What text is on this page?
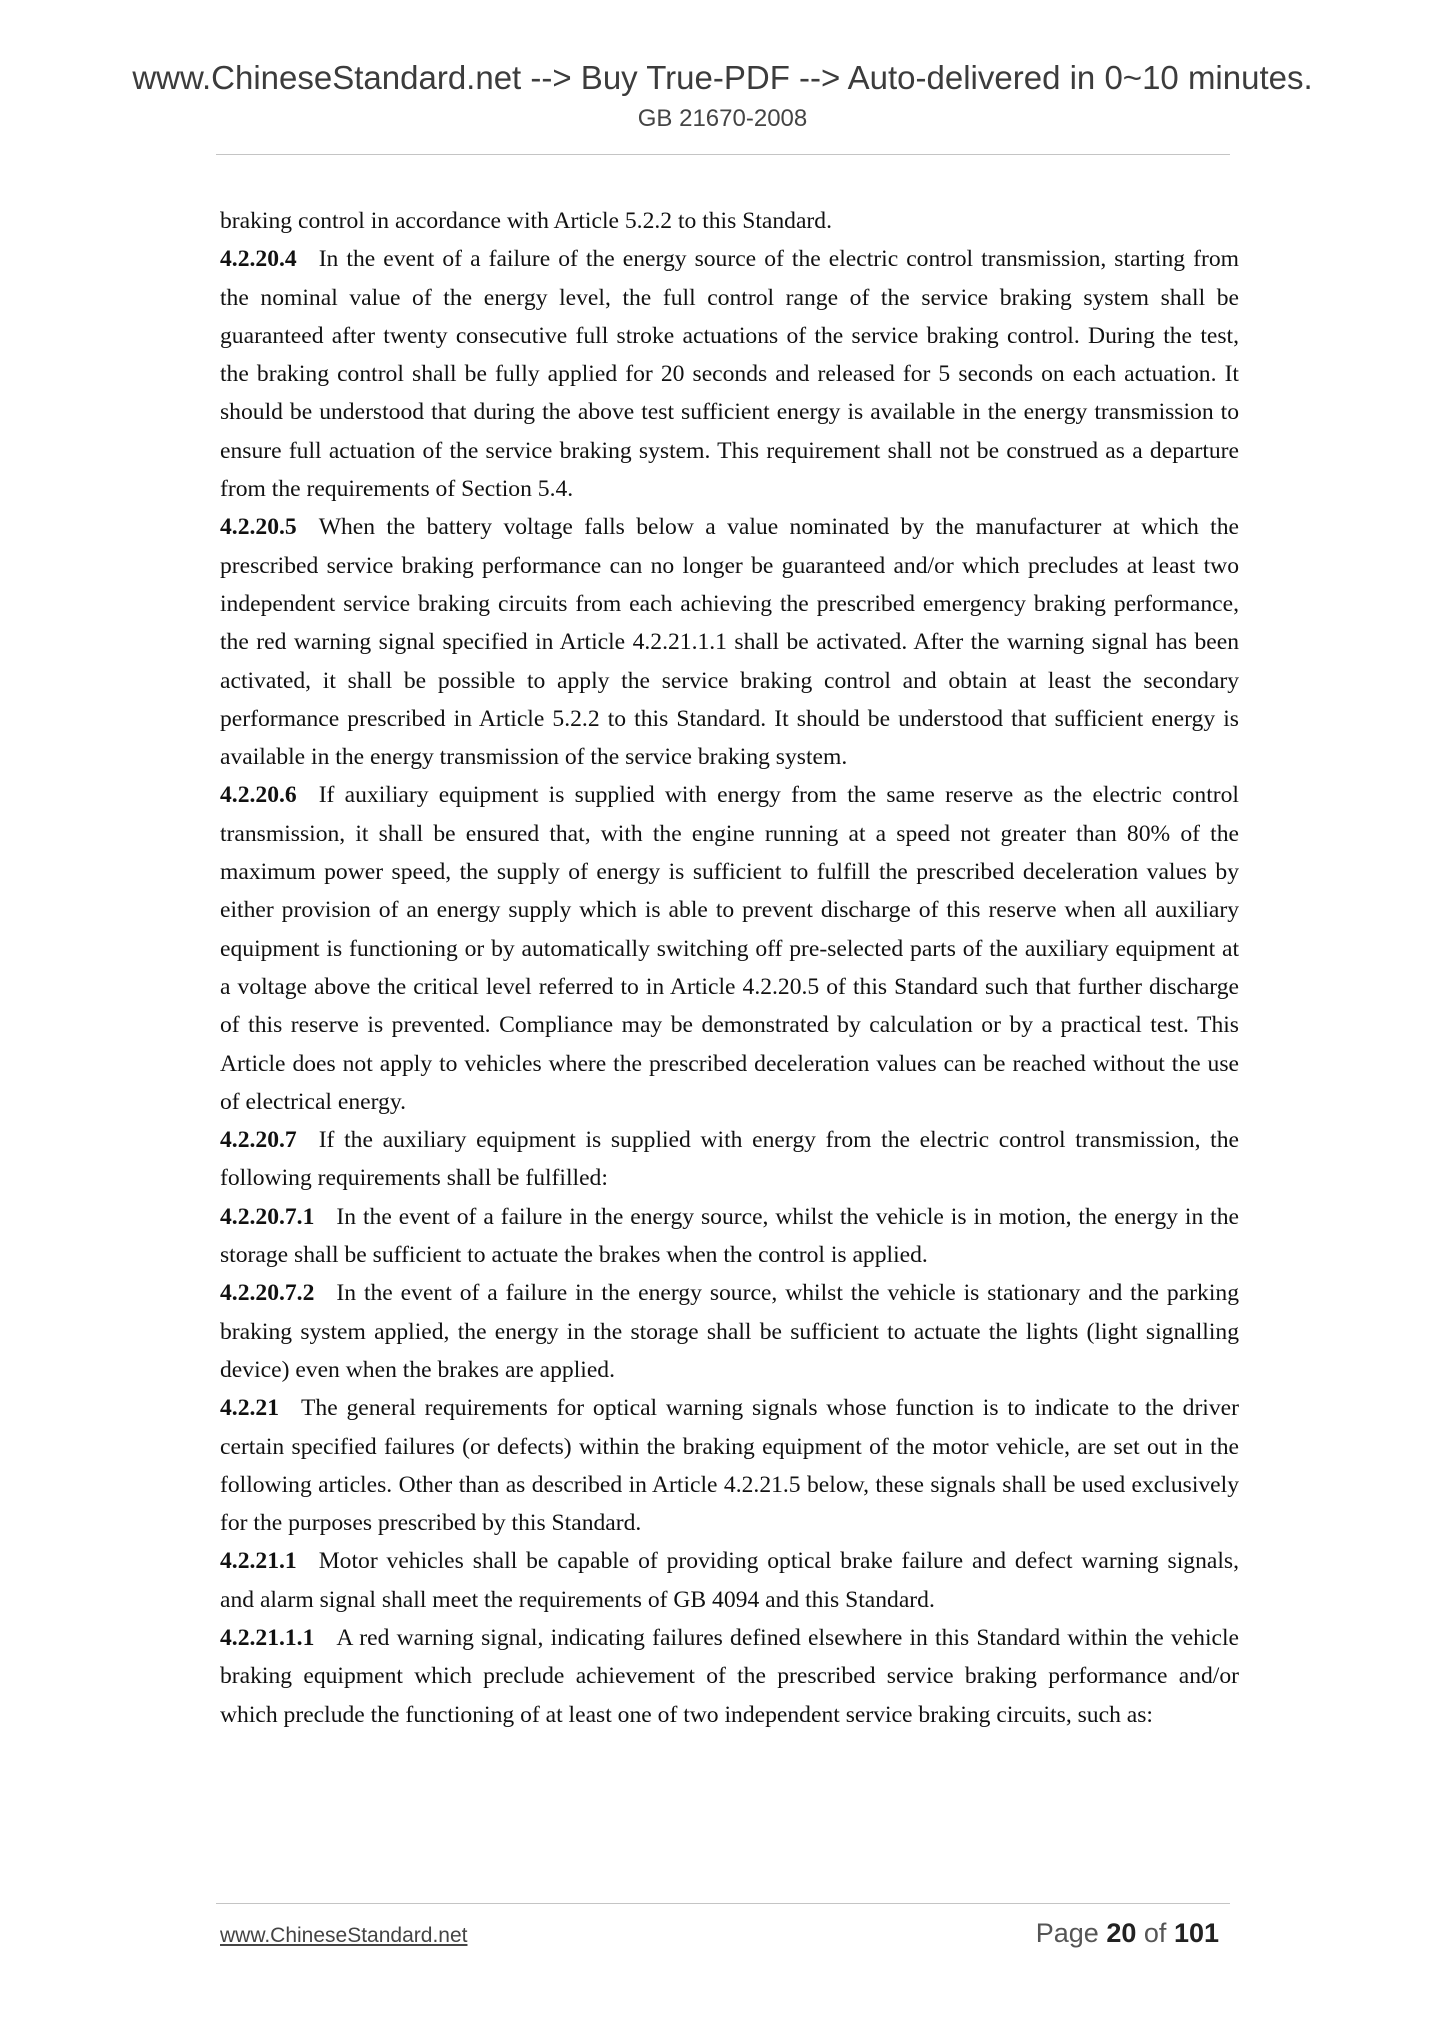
www.ChineseStandard.net --> Buy True-PDF --> Auto-delivered in 0~10 minutes.
GB 21670-2008

braking control in accordance with Article 5.2.2 to this Standard.

4.2.20.4 In the event of a failure of the energy source of the electric control transmission, starting from the nominal value of the energy level, the full control range of the service braking system shall be guaranteed after twenty consecutive full stroke actuations of the service braking control. During the test, the braking control shall be fully applied for 20 seconds and released for 5 seconds on each actuation. It should be understood that during the above test sufficient energy is available in the energy transmission to ensure full actuation of the service braking system. This requirement shall not be construed as a departure from the requirements of Section 5.4.

4.2.20.5 When the battery voltage falls below a value nominated by the manufacturer at which the prescribed service braking performance can no longer be guaranteed and/or which precludes at least two independent service braking circuits from each achieving the prescribed emergency braking performance, the red warning signal specified in Article 4.2.21.1.1 shall be activated. After the warning signal has been activated, it shall be possible to apply the service braking control and obtain at least the secondary performance prescribed in Article 5.2.2 to this Standard. It should be understood that sufficient energy is available in the energy transmission of the service braking system.

4.2.20.6 If auxiliary equipment is supplied with energy from the same reserve as the electric control transmission, it shall be ensured that, with the engine running at a speed not greater than 80% of the maximum power speed, the supply of energy is sufficient to fulfill the prescribed deceleration values by either provision of an energy supply which is able to prevent discharge of this reserve when all auxiliary equipment is functioning or by automatically switching off pre-selected parts of the auxiliary equipment at a voltage above the critical level referred to in Article 4.2.20.5 of this Standard such that further discharge of this reserve is prevented. Compliance may be demonstrated by calculation or by a practical test. This Article does not apply to vehicles where the prescribed deceleration values can be reached without the use of electrical energy.

4.2.20.7 If the auxiliary equipment is supplied with energy from the electric control transmission, the following requirements shall be fulfilled:

4.2.20.7.1 In the event of a failure in the energy source, whilst the vehicle is in motion, the energy in the storage shall be sufficient to actuate the brakes when the control is applied.

4.2.20.7.2 In the event of a failure in the energy source, whilst the vehicle is stationary and the parking braking system applied, the energy in the storage shall be sufficient to actuate the lights (light signalling device) even when the brakes are applied.

4.2.21 The general requirements for optical warning signals whose function is to indicate to the driver certain specified failures (or defects) within the braking equipment of the motor vehicle, are set out in the following articles. Other than as described in Article 4.2.21.5 below, these signals shall be used exclusively for the purposes prescribed by this Standard.

4.2.21.1 Motor vehicles shall be capable of providing optical brake failure and defect warning signals, and alarm signal shall meet the requirements of GB 4094 and this Standard.

4.2.21.1.1 A red warning signal, indicating failures defined elsewhere in this Standard within the vehicle braking equipment which preclude achievement of the prescribed service braking performance and/or which preclude the functioning of at least one of two independent service braking circuits, such as:

www.ChineseStandard.net	Page 20 of 101
